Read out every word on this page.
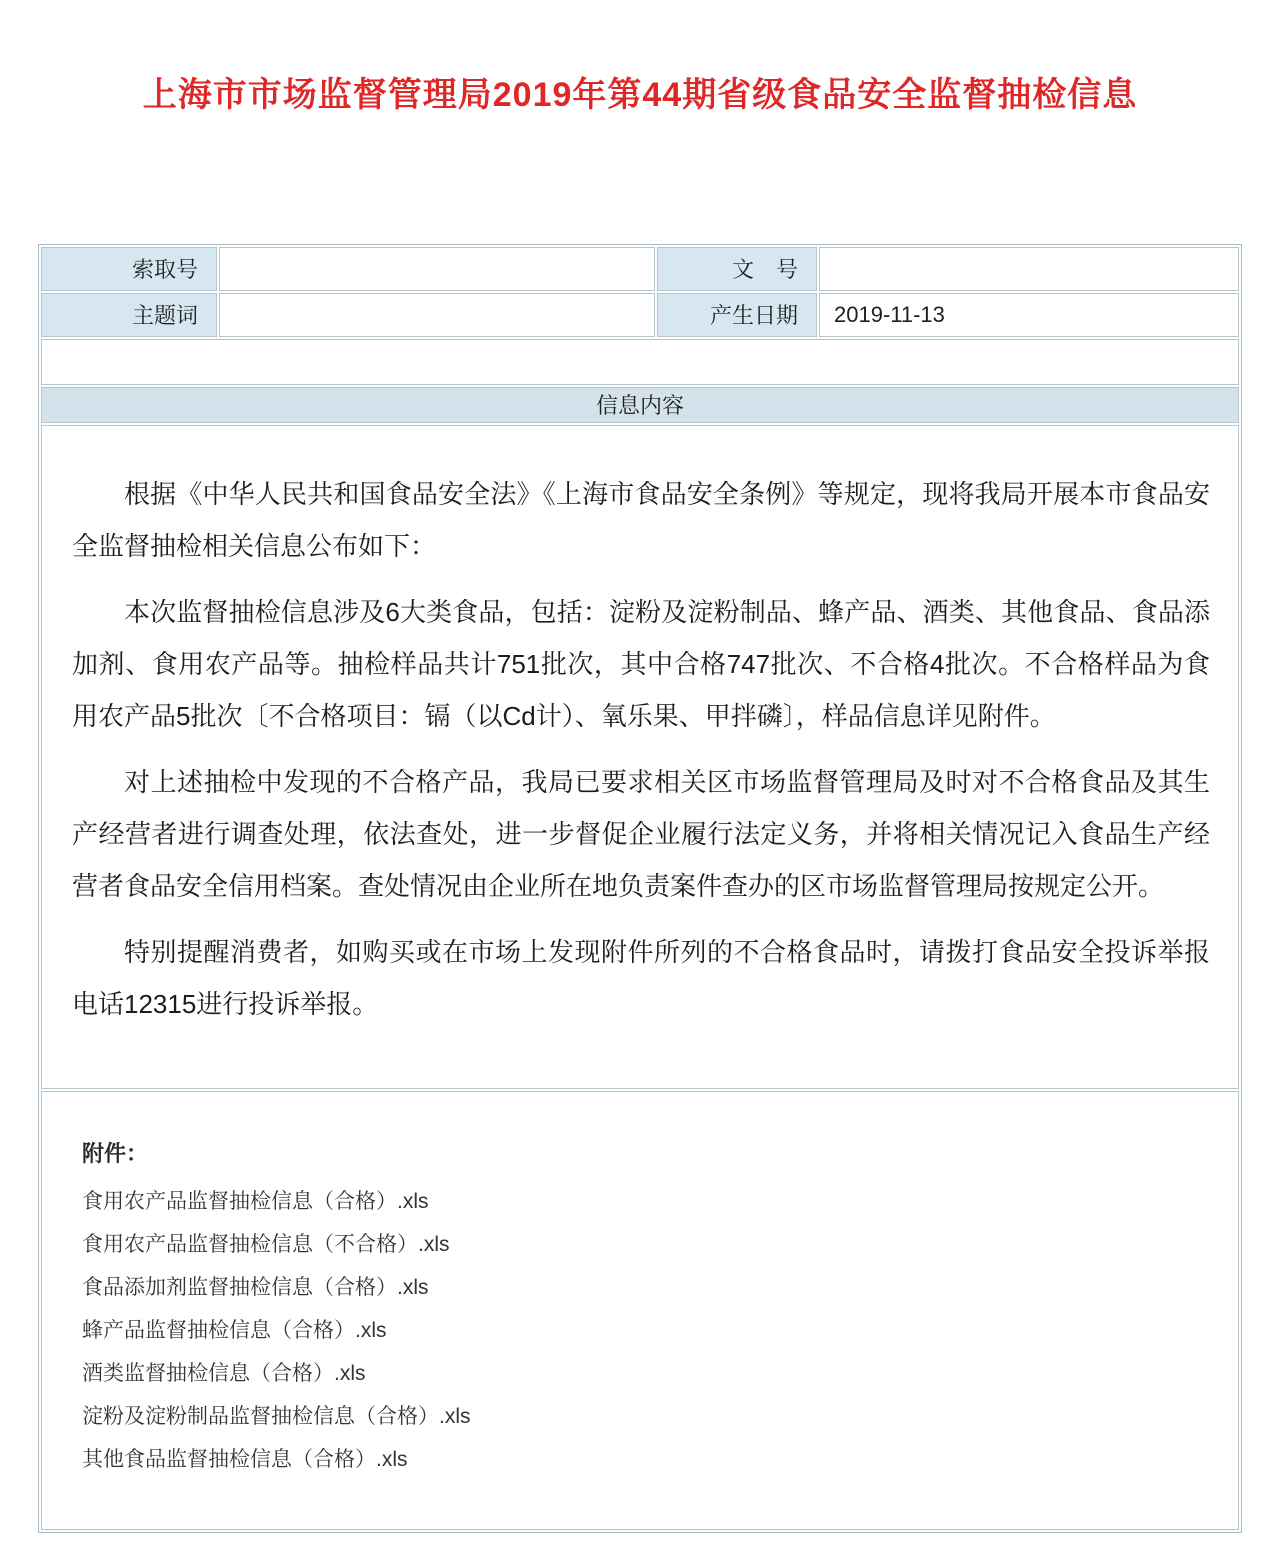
上海市市场监督管理局2019年第44期省级食品安全监督抽检信息
索取号		文　号	
主题词		产生日期	2019-11-13

信息内容			

根据《中华人民共和国食品安全法》《上海市食品安全条例》等规定，现将我局开展本市食品安全监督抽检相关信息公布如下：

本次监督抽检信息涉及6大类食品，包括：淀粉及淀粉制品、蜂产品、酒类、其他食品、食品添加剂、食用农产品等。抽检样品共计751批次，其中合格747批次、不合格4批次。不合格样品为食用农产品5批次〔不合格项目：镉（以Cd计）、氧乐果、甲拌磷〕，样品信息详见附件。

对上述抽检中发现的不合格产品，我局已要求相关区市场监督管理局及时对不合格食品及其生产经营者进行调查处理，依法查处，进一步督促企业履行法定义务，并将相关情况记入食品生产经营者食品安全信用档案。查处情况由企业所在地负责案件查办的区市场监督管理局按规定公开。

特别提醒消费者，如购买或在市场上发现附件所列的不合格食品时，请拨打食品安全投诉举报电话12315进行投诉举报。			

附件：
食用农产品监督抽检信息（合格）.xls
食用农产品监督抽检信息（不合格）.xls
食品添加剂监督抽检信息（合格）.xls
蜂产品监督抽检信息（合格）.xls
酒类监督抽检信息（合格）.xls
淀粉及淀粉制品监督抽检信息（合格）.xls
其他食品监督抽检信息（合格）.xls
